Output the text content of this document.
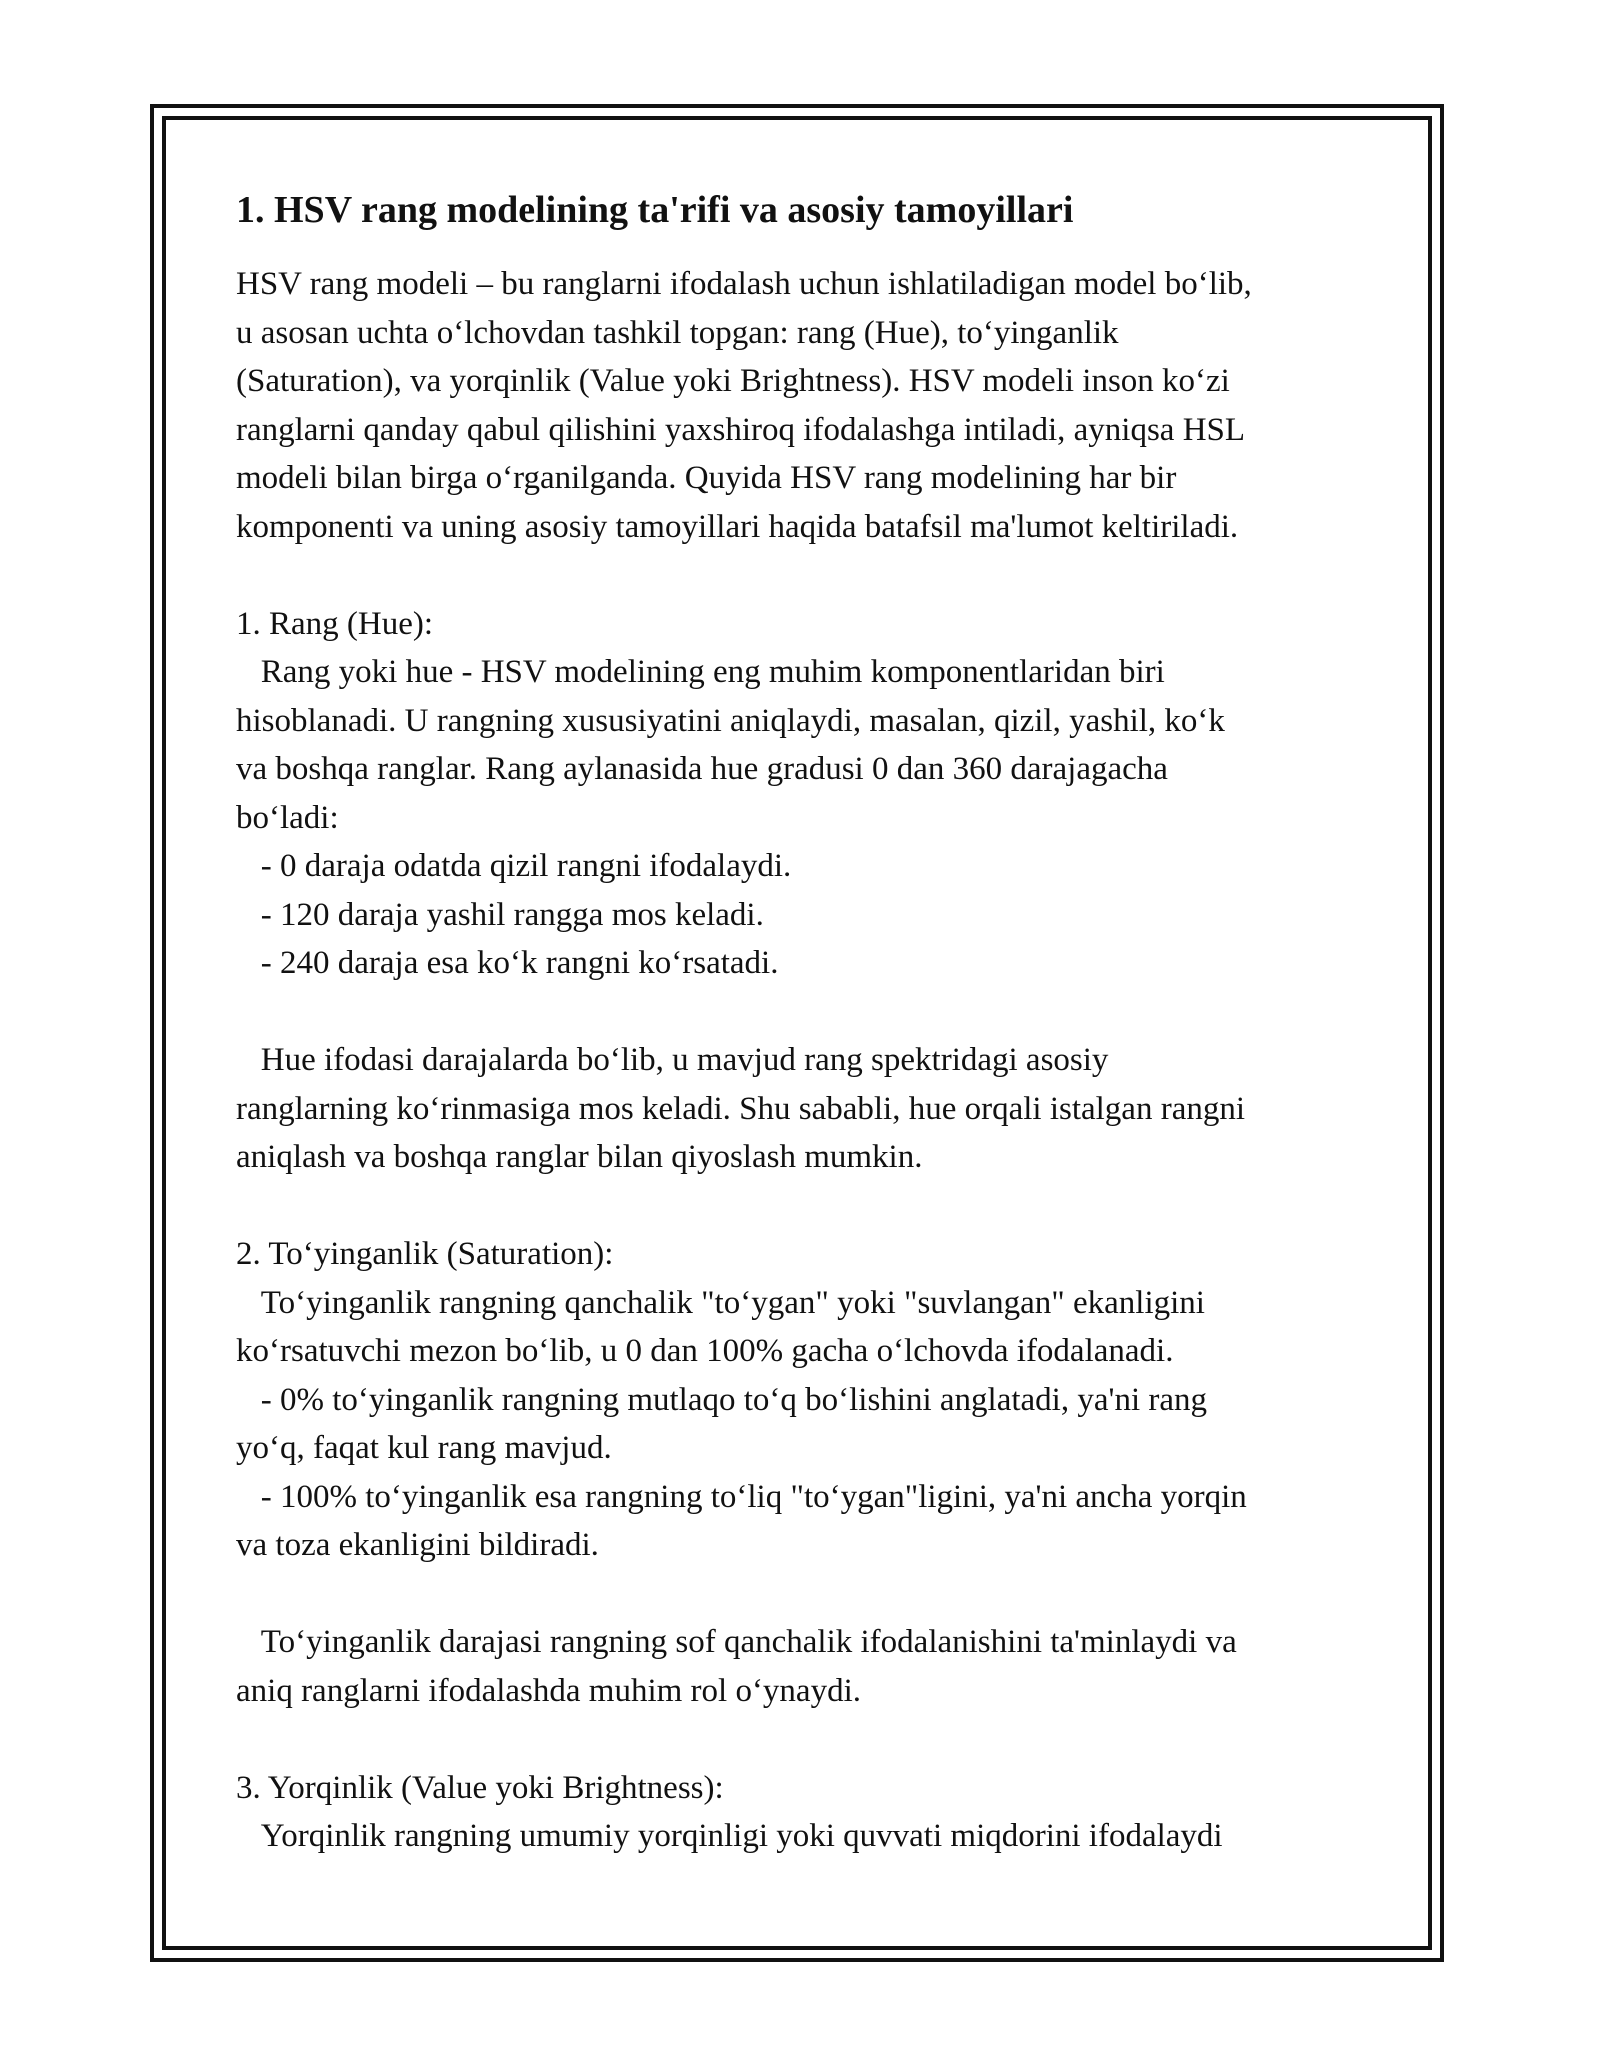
1. HSV rang modelining ta'rifi va asosiy tamoyillari

HSV rang modeli – bu ranglarni ifodalash uchun ishlatiladigan model bo‘lib,
u asosan uchta o‘lchovdan tashkil topgan: rang (Hue), to‘yinganlik
(Saturation), va yorqinlik (Value yoki Brightness). HSV modeli inson ko‘zi
ranglarni qanday qabul qilishini yaxshiroq ifodalashga intiladi, ayniqsa HSL
modeli bilan birga o‘rganilganda. Quyida HSV rang modelining har bir
komponenti va uning asosiy tamoyillari haqida batafsil ma'lumot keltiriladi.

1. Rang (Hue):
Rang yoki hue - HSV modelining eng muhim komponentlaridan biri
hisoblanadi. U rangning xususiyatini aniqlaydi, masalan, qizil, yashil, ko‘k
va boshqa ranglar. Rang aylanasida hue gradusi 0 dan 360 darajagacha
bo‘ladi:
- 0 daraja odatda qizil rangni ifodalaydi.
- 120 daraja yashil rangga mos keladi.
- 240 daraja esa ko‘k rangni ko‘rsatadi.

Hue ifodasi darajalarda bo‘lib, u mavjud rang spektridagi asosiy
ranglarning ko‘rinmasiga mos keladi. Shu sababli, hue orqali istalgan rangni
aniqlash va boshqa ranglar bilan qiyoslash mumkin.

2. To‘yinganlik (Saturation):
To‘yinganlik rangning qanchalik "to‘ygan" yoki "suvlangan" ekanligini
ko‘rsatuvchi mezon bo‘lib, u 0 dan 100% gacha o‘lchovda ifodalanadi.
- 0% to‘yinganlik rangning mutlaqo to‘q bo‘lishini anglatadi, ya'ni rang
yo‘q, faqat kul rang mavjud.
- 100% to‘yinganlik esa rangning to‘liq "to‘ygan"ligini, ya'ni ancha yorqin
va toza ekanligini bildiradi.

To‘yinganlik darajasi rangning sof qanchalik ifodalanishini ta'minlaydi va
aniq ranglarni ifodalashda muhim rol o‘ynaydi.

3. Yorqinlik (Value yoki Brightness):
Yorqinlik rangning umumiy yorqinligi yoki quvvati miqdorini ifodalaydi
